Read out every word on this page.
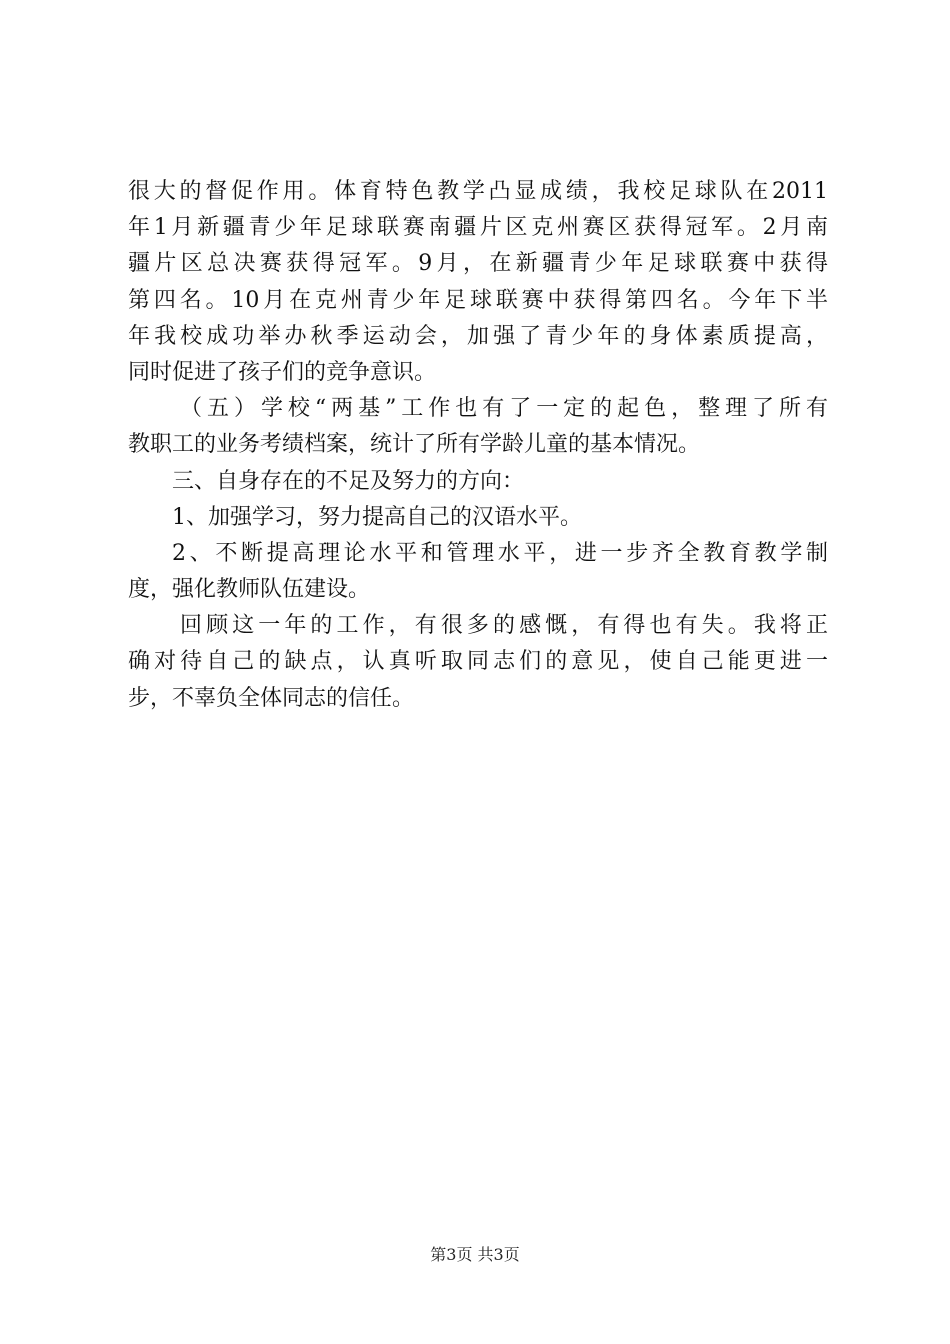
很大的督促作用。体育特色教学凸显成绩，我校足球队在2011
年1月新疆青少年足球联赛南疆片区克州赛区获得冠军。2月南
疆片区总决赛获得冠军。9月，在新疆青少年足球联赛中获得
第四名。10月在克州青少年足球联赛中获得第四名。今年下半
年我校成功举办秋季运动会，加强了青少年的身体素质提高，
同时促进了孩子们的竞争意识。
（五）学校“两基”工作也有了一定的起色，整理了所有
教职工的业务考绩档案，统计了所有学龄儿童的基本情况。
三、自身存在的不足及努力的方向：
1、加强学习，努力提高自己的汉语水平。
2、不断提高理论水平和管理水平，进一步齐全教育教学制
度，强化教师队伍建设。
回顾这一年的工作，有很多的感慨，有得也有失。我将正
确对待自己的缺点，认真听取同志们的意见，使自己能更进一
步，不辜负全体同志的信任。
第3页 共3页
